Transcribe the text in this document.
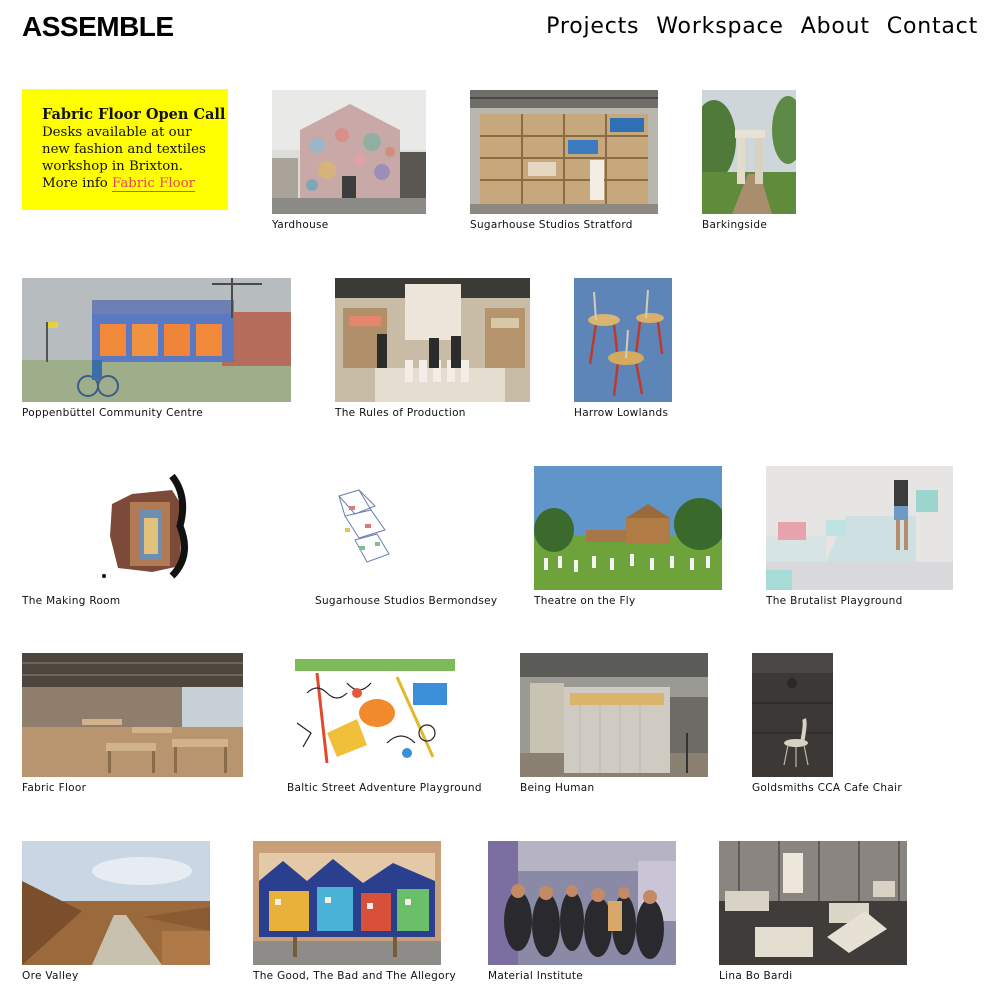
ASSEMBLE	Projects Workspace About Contact
Fabric Floor Open Call
Desks available at our
new fashion and textiles
workshop in Brixton.
More info Fabric Floor
Yardhouse	Sugarhouse Studios Stratford	Barkingside
Poppenbüttel Community Centre	The Rules of Production	Harrow Lowlands
The Making Room	Sugarhouse Studios Bermondsey	Theatre on the Fly	The Brutalist Playground
Fabric Floor	Baltic Street Adventure Playground	Being Human	Goldsmiths CCA Cafe Chair
Ore Valley	The Good, The Bad and The Allegory	Material Institute	Lina Bo Bardi
